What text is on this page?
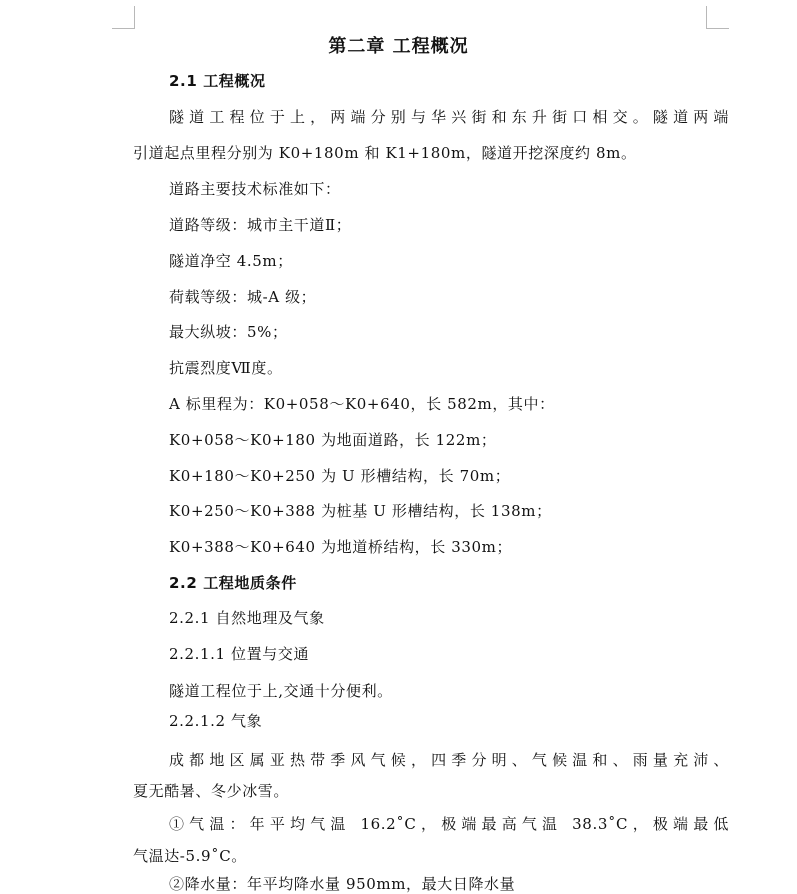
第二章 工程概况
2.1 工程概况
隧道工程位于上，两端分别与华兴街和东升街口相交。隧道两端
引道起点里程分别为 K0+180m 和 K1+180m，隧道开挖深度约 8m。
道路主要技术标准如下：
道路等级：城市主干道Ⅱ；
隧道净空 4.5m；
荷载等级：城-A 级；
最大纵坡：5%；
抗震烈度Ⅶ度。
A 标里程为：K0+058～K0+640，长 582m，其中：
K0+058～K0+180 为地面道路，长 122m；
K0+180～K0+250 为 U 形槽结构，长 70m；
K0+250～K0+388 为桩基 U 形槽结构，长 138m；
K0+388～K0+640 为地道桥结构，长 330m；
2.2 工程地质条件
2.2.1 自然地理及气象
2.2.1.1 位置与交通
隧道工程位于上,交通十分便利。
2.2.1.2 气象
成都地区属亚热带季风气候，四季分明、气候温和、雨量充沛、
夏无酷暑、冬少冰雪。
①气温：年平均气温 16.2˚C，极端最高气温 38.3˚C，极端最低
气温达-5.9˚C。
②降水量：年平均降水量 950mm，最大日降水量
